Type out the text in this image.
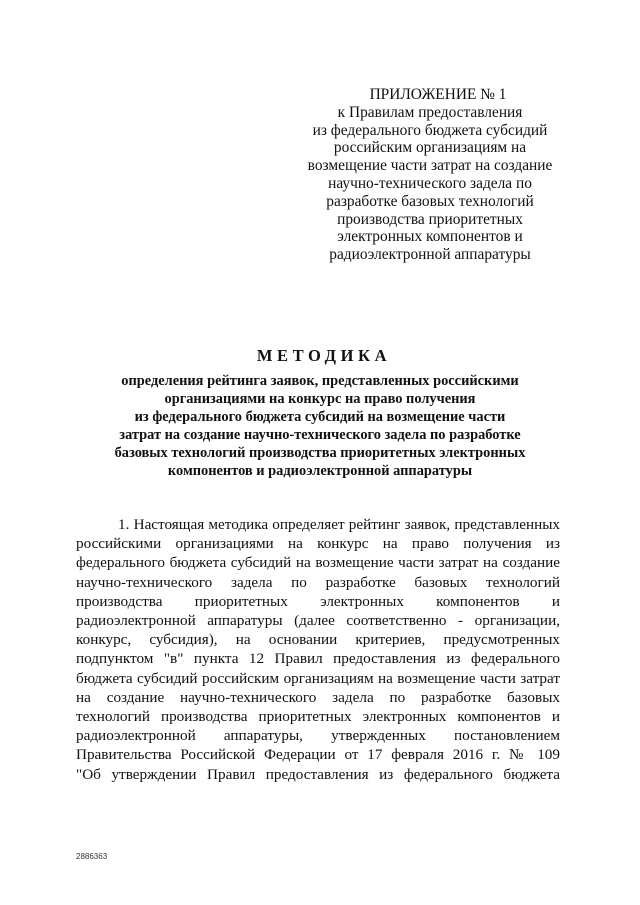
ПРИЛОЖЕНИЕ № 1
к Правилам предоставления
из федерального бюджета субсидий
российским организациям на
возмещение части затрат на создание
научно-технического задела по
разработке базовых технологий
производства приоритетных
электронных компонентов и
радиоэлектронной аппаратуры
МЕТОДИКА
определения рейтинга заявок, представленных российскими
организациями на конкурс на право получения
из федерального бюджета субсидий на возмещение части
затрат на создание научно-технического задела по разработке
базовых технологий производства приоритетных электронных
компонентов и радиоэлектронной аппаратуры
1. Настоящая методика определяет рейтинг заявок, представленных
российскими организациями на конкурс на право получения из
федерального бюджета субсидий на возмещение части затрат на создание
научно-технического задела по разработке базовых технологий
производства приоритетных электронных компонентов и
радиоэлектронной аппаратуры (далее соответственно - организации,
конкурс, субсидия), на основании критериев, предусмотренных
подпунктом "в" пункта 12 Правил предоставления из федерального
бюджета субсидий российским организациям на возмещение части затрат
на создание научно-технического задела по разработке базовых
технологий производства приоритетных электронных компонентов и
радиоэлектронной аппаратуры, утвержденных постановлением
Правительства Российской Федерации от 17 февраля 2016 г. № 109
"Об утверждении Правил предоставления из федерального бюджета
2886363
